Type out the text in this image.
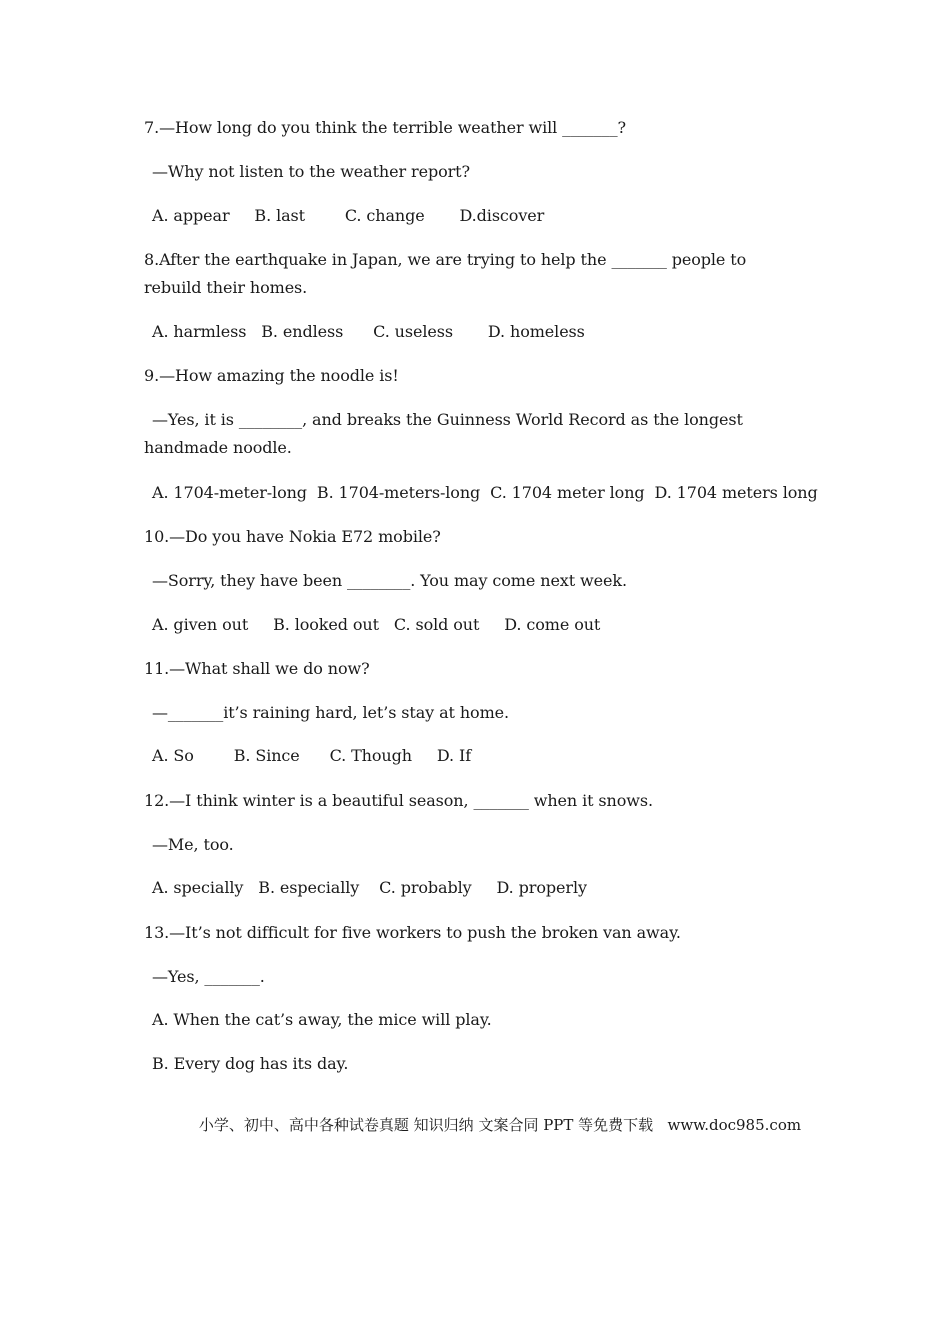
7.—How long do you think the terrible weather will _______?
—Why not listen to the weather report?
A. appear     B. last        C. change       D.discover
8.After the earthquake in Japan, we are trying to help the _______ people to rebuild their homes.
A. harmless   B. endless      C. useless       D. homeless
9.—How amazing the noodle is!
—Yes, it is ________, and breaks the Guinness World Record as the longest handmade noodle.
A. 1704-meter-long  B. 1704-meters-long  C. 1704 meter long  D. 1704 meters long
10.—Do you have Nokia E72 mobile?
—Sorry, they have been ________. You may come next week.
A. given out     B. looked out   C. sold out     D. come out
11.—What shall we do now?
—_______it’s raining hard, let’s stay at home.
A. So        B. Since      C. Though     D. If
12.—I think winter is a beautiful season, _______ when it snows.
—Me, too.
A. specially   B. especially    C. probably     D. properly
13.—It’s not difficult for five workers to push the broken van away.
—Yes, _______.
A. When the cat’s away, the mice will play.
B. Every dog has its day.
小学、初中、高中各种试卷真题 知识归纳 文案合同 PPT 等免费下载   www.doc985.com
